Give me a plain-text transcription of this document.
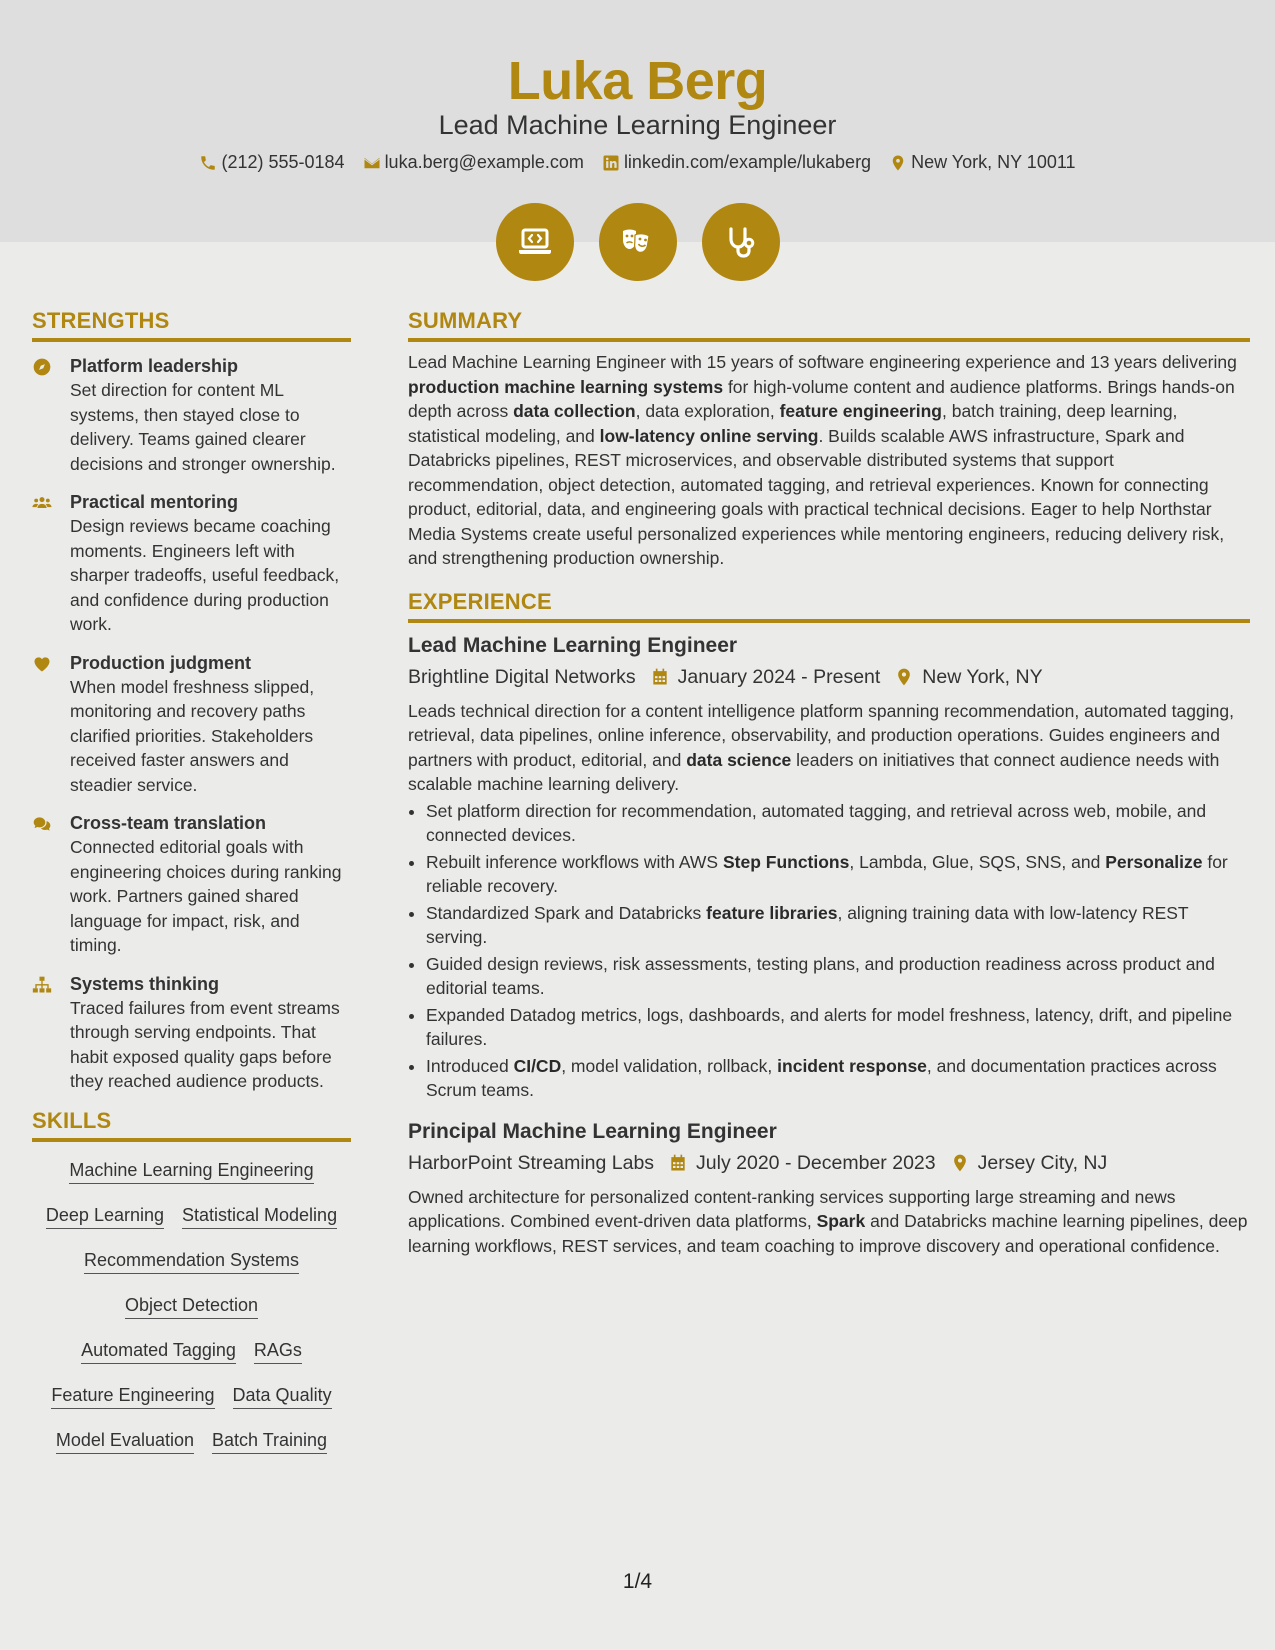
Luka Berg
Lead Machine Learning Engineer
(212) 555-0184 luka.berg@example.com linkedin.com/example/lukaberg New York, NY 10011
STRENGTHS
Platform leadership
Set direction for content ML systems, then stayed close to delivery. Teams gained clearer decisions and stronger ownership.
Practical mentoring
Design reviews became coaching moments. Engineers left with sharper tradeoffs, useful feedback, and confidence during production work.
Production judgment
When model freshness slipped, monitoring and recovery paths clarified priorities. Stakeholders received faster answers and steadier service.
Cross-team translation
Connected editorial goals with engineering choices during ranking work. Partners gained shared language for impact, risk, and timing.
Systems thinking
Traced failures from event streams through serving endpoints. That habit exposed quality gaps before they reached audience products.
SKILLS
Machine Learning Engineering
Deep Learning Statistical Modeling
Recommendation Systems
Object Detection
Automated Tagging RAGs
Feature Engineering Data Quality
Model Evaluation Batch Training
SUMMARY
Lead Machine Learning Engineer with 15 years of software engineering experience and 13 years delivering production machine learning systems for high-volume content and audience platforms. Brings hands-on depth across data collection, data exploration, feature engineering, batch training, deep learning, statistical modeling, and low-latency online serving. Builds scalable AWS infrastructure, Spark and Databricks pipelines, REST microservices, and observable distributed systems that support recommendation, object detection, automated tagging, and retrieval experiences. Known for connecting product, editorial, data, and engineering goals with practical technical decisions. Eager to help Northstar Media Systems create useful personalized experiences while mentoring engineers, reducing delivery risk, and strengthening production ownership.
EXPERIENCE
Lead Machine Learning Engineer
Brightline Digital Networks January 2024 - Present New York, NY
Leads technical direction for a content intelligence platform spanning recommendation, automated tagging, retrieval, data pipelines, online inference, observability, and production operations. Guides engineers and partners with product, editorial, and data science leaders on initiatives that connect audience needs with scalable machine learning delivery.
• Set platform direction for recommendation, automated tagging, and retrieval across web, mobile, and connected devices.
• Rebuilt inference workflows with AWS Step Functions, Lambda, Glue, SQS, SNS, and Personalize for reliable recovery.
• Standardized Spark and Databricks feature libraries, aligning training data with low-latency REST serving.
• Guided design reviews, risk assessments, testing plans, and production readiness across product and editorial teams.
• Expanded Datadog metrics, logs, dashboards, and alerts for model freshness, latency, drift, and pipeline failures.
• Introduced CI/CD, model validation, rollback, incident response, and documentation practices across Scrum teams.
Principal Machine Learning Engineer
HarborPoint Streaming Labs July 2020 - December 2023 Jersey City, NJ
Owned architecture for personalized content-ranking services supporting large streaming and news applications. Combined event-driven data platforms, Spark and Databricks machine learning pipelines, deep learning workflows, REST services, and team coaching to improve discovery and operational confidence.
1/4
